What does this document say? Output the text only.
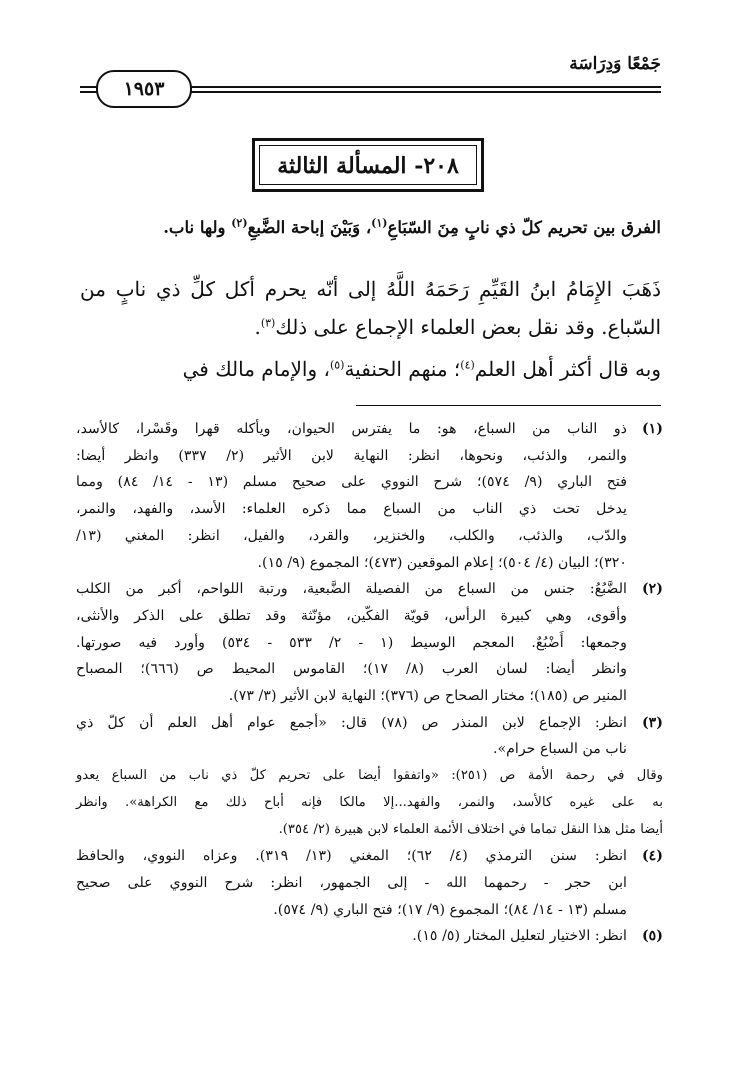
جَمْعًا وَدِرَاسَة
١٩٥٣
٢٠٨- المسألة الثالثة
الفرق بين تحريم كلّ ذي نابٍ مِنَ السّبَاعِ$^{(١)}$، وَبَيْنَ إباحة الضَّبعِ$^{(٢)}$ ولها ناب.
ذَهَبَ الإِمَامُ ابنُ القَيِّمِ رَحَمَهُ اللَّهُ إلى أنّه يحرم أكل كلِّ ذي نابٍ من السّباع. وقد نقل بعض العلماء الإجماع على ذلك$^{(٣)}$.
وبه قال أكثر أهل العلم$^{(٤)}$؛ منهم الحنفية$^{(٥)}$، والإمام مالك في
(١)
ذو الناب من السباع، هو: ما يفترس الحيوان، ويأكله قهرا وقَسْرا، كالأسد،
والنمر، والذئب، ونحوها، انظر: النهاية لابن الأثير (٢/ ٣٣٧) وانظر أيضا:
فتح الباري (٩/ ٥٧٤)؛ شرح النووي على صحيح مسلم (١٣ - ١٤/ ٨٤) ومما
يدخل تحت ذي الناب من السباع مما ذكره العلماء: الأسد، والفهد، والنمر،
والدّب، والذئب، والكلب، والخنزير، والقرد، والفيل، انظر: المغني (١٣/
٣٢٠)؛ البيان (٤/ ٥٠٤)؛ إعلام الموقعين (٤٧٣)؛ المجموع (٩/ ١٥).
(٢)
الضَّبُعُ: جنس من السباع من الفصيلة الضَّبعية، ورتبة اللواحم، أكبر من الكلب
وأقوى، وهي كبيرة الرأس، قويّة الفكّين، مؤنّثة وقد تطلق على الذكر والأنثى،
وجمعها: أَضْبُعٌ. المعجم الوسيط (١ - ٢/ ٥٣٣ - ٥٣٤) وأورد فيه صورتها.
وانظر أيضا: لسان العرب (٨/ ١٧)؛ القاموس المحيط ص (٦٦٦)؛ المصباح
المنير ص (١٨٥)؛ مختار الصحاح ص (٣٧٦)؛ النهاية لابن الأثير (٣/ ٧٣).
(٣)
انظر: الإجماع لابن المنذر ص (٧٨) قال: «أجمع عوام أهل العلم أن كلّ ذي
ناب من السباع حرام».
وقال في رحمة الأمة ص (٢٥١): «واتفقوا أيضا على تحريم كلّ ذي ناب من السباع يعدو
به على غيره كالأسد، والنمر، والفهد...إلا مالكا فإنه أباح ذلك مع الكراهة». وانظر
أيضا مثل هذا النقل تماما في اختلاف الأئمة العلماء لابن هبيرة (٢/ ٣٥٤).
(٤)
انظر: سنن الترمذي (٤/ ٦٢)؛ المغني (١٣/ ٣١٩). وعزاه النووي، والحافظ
ابن حجر - رحمهما الله - إلى الجمهور، انظر: شرح النووي على صحيح
مسلم (١٣ - ١٤/ ٨٤)؛ المجموع (٩/ ١٧)؛ فتح الباري (٩/ ٥٧٤).
(٥)
انظر: الاختيار لتعليل المختار (٥/ ١٥).
